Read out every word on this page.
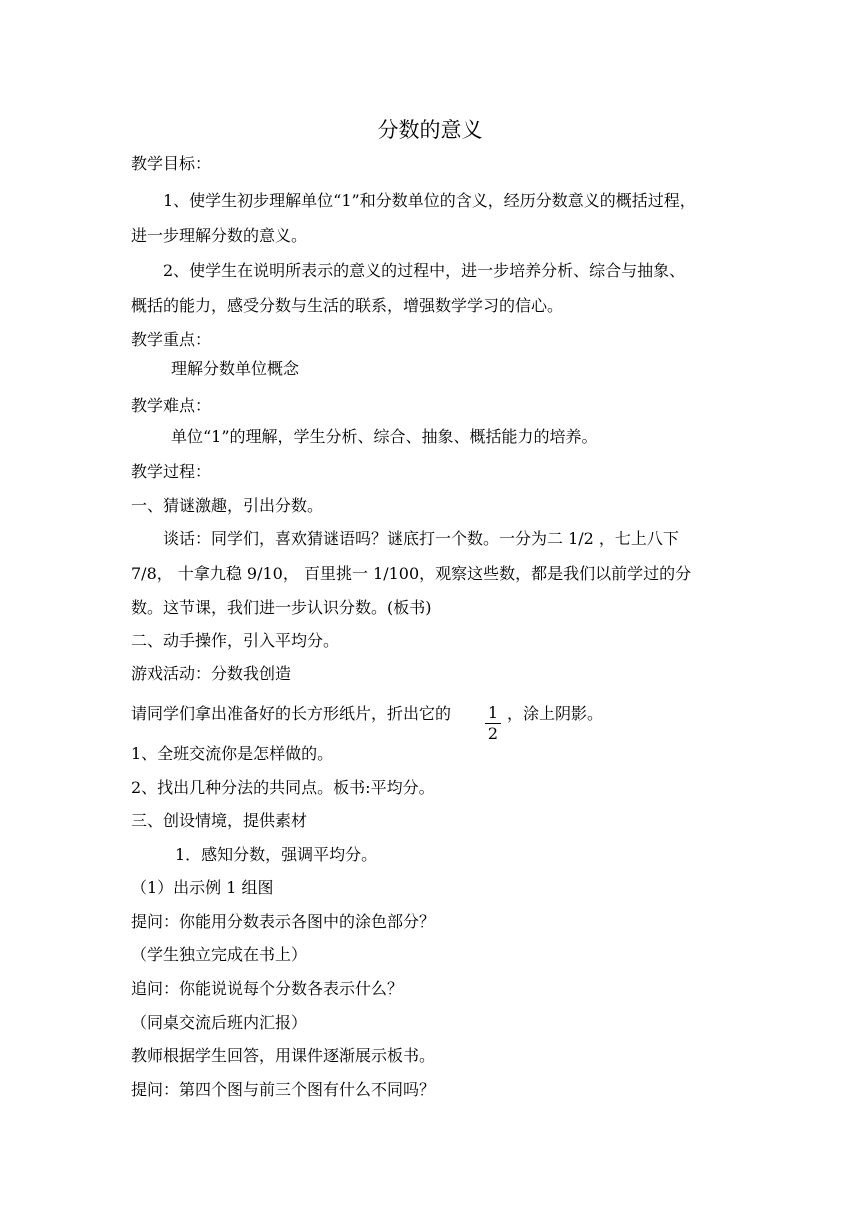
分数的意义
教学目标：
1、使学生初步理解单位“1”和分数单位的含义，经历分数意义的概括过程，
进一步理解分数的意义。
2、使学生在说明所表示的意义的过程中，进一步培养分析、综合与抽象、
概括的能力，感受分数与生活的联系，增强数学学习的信心。
教学重点：
理解分数单位概念
教学难点：
单位“1”的理解，学生分析、综合、抽象、概括能力的培养。
教学过程：
一、猜谜激趣，引出分数。
谈话：同学们，喜欢猜谜语吗？谜底打一个数。一分为二 1/2 ，七上八下
7/8， 十拿九稳 9/10， 百里挑一 1/100，观察这些数，都是我们以前学过的分
数。这节课，我们进一步认识分数。(板书)
二、动手操作，引入平均分。
游戏活动：分数我创造
请同学们拿出准备好的长方形纸片，折出它的	1
2
，涂上阴影。
1、全班交流你是怎样做的。
2、找出几种分法的共同点。板书:平均分。
三、创设情境，提供素材
1．感知分数，强调平均分。
（1）出示例 1 组图
提问：你能用分数表示各图中的涂色部分？
（学生独立完成在书上）
追问：你能说说每个分数各表示什么？
（同桌交流后班内汇报）
教师根据学生回答，用课件逐渐展示板书。
提问：第四个图与前三个图有什么不同吗？
